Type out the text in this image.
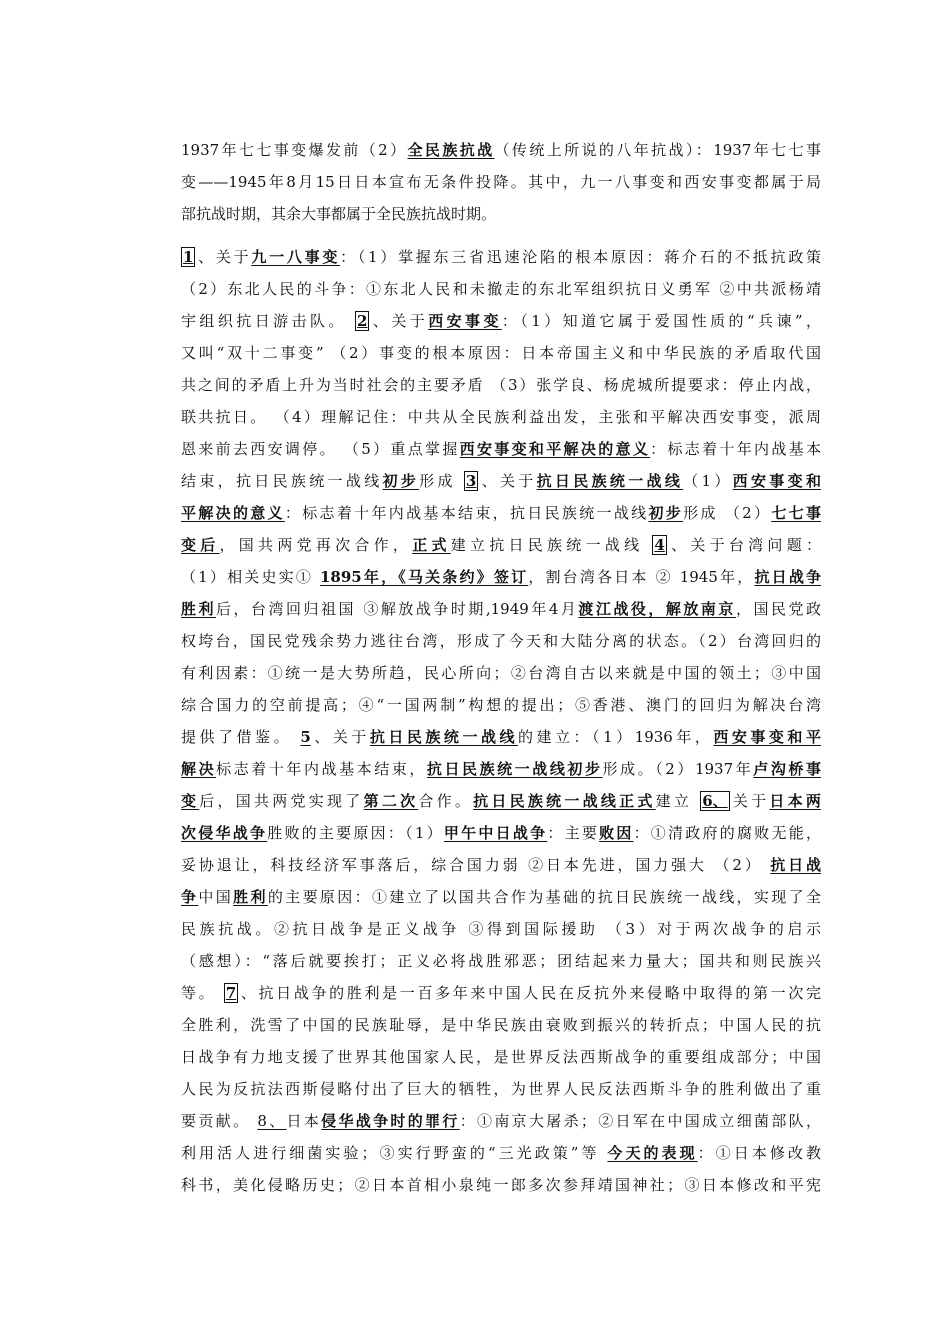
1937年七七事变爆发前（2）全民族抗战（传统上所说的八年抗战）：1937年七七事
变——1945年8月15日日本宣布无条件投降。其中，九一八事变和西安事变都属于局
部抗战时期，其余大事都属于全民族抗战时期。
1 、关于九一八事变：（1）掌握东三省迅速沦陷的根本原因：蒋介石的不抵抗政策
（2）东北人民的斗争：①东北人民和未撤走的东北军组织抗日义勇军 ②中共派杨靖
宇组织抗日游击队。 2 、关于西安事变：（1）知道它属于爱国性质的“兵谏”，
又叫“双十二事变” （2）事变的根本原因：日本帝国主义和中华民族的矛盾取代国
共之间的矛盾上升为当时社会的主要矛盾 （3）张学良、杨虎城所提要求：停止内战，
联共抗日。 （4）理解记住：中共从全民族利益出发，主张和平解决西安事变，派周
恩来前去西安调停。 （5）重点掌握西安事变和平解决的意义：标志着十年内战基本
结束，抗日民族统一战线初步形成 3 、关于抗日民族统一战线（1）西安事变和
平解决的意义：标志着十年内战基本结束，抗日民族统一战线初步形成 （2）七七事
变后，国共两党再次合作，正式建立抗日民族统一战线 4 、关于台湾问题：
（1）相关史实① 1895年，《马关条约》签订，割台湾各日本 ② 1945年，抗日战争
胜利后，台湾回归祖国 ③解放战争时期,1949年4月渡江战役，解放南京，国民党政
权垮台，国民党残余势力逃往台湾，形成了今天和大陆分离的状态。（2）台湾回归的
有利因素：①统一是大势所趋，民心所向；②台湾自古以来就是中国的领土；③中国
综合国力的空前提高；④“一国两制”构想的提出；⑤香港、澳门的回归为解决台湾
提供了借鉴。 5、关于抗日民族统一战线的建立：（1）1936年，西安事变和平
解决标志着十年内战基本结束，抗日民族统一战线初步形成。（2）1937年卢沟桥事
变后，国共两党实现了第二次合作。抗日民族统一战线正式建立 6、 关于日本两
次侵华战争胜败的主要原因：（1）甲午中日战争：主要败因：①清政府的腐败无能，
妥协退让，科技经济军事落后，综合国力弱 ②日本先进，国力强大 （2） 抗日战
争中国胜利的主要原因：①建立了以国共合作为基础的抗日民族统一战线，实现了全
民族抗战。②抗日战争是正义战争 ③得到国际援助 （3）对于两次战争的启示
（感想）：“落后就要挨打；正义必将战胜邪恶；团结起来力量大；国共和则民族兴
等。 7 、抗日战争的胜利是一百多年来中国人民在反抗外来侵略中取得的第一次完
全胜利，洗雪了中国的民族耻辱，是中华民族由衰败到振兴的转折点；中国人民的抗
日战争有力地支援了世界其他国家人民，是世界反法西斯战争的重要组成部分；中国
人民为反抗法西斯侵略付出了巨大的牺牲，为世界人民反法西斯斗争的胜利做出了重
要贡献。 8、日本侵华战争时的罪行：①南京大屠杀；②日军在中国成立细菌部队，
利用活人进行细菌实验；③实行野蛮的“三光政策”等 今天的表现：①日本修改教
科书，美化侵略历史；②日本首相小泉纯一郎多次参拜靖国神社；③日本修改和平宪
